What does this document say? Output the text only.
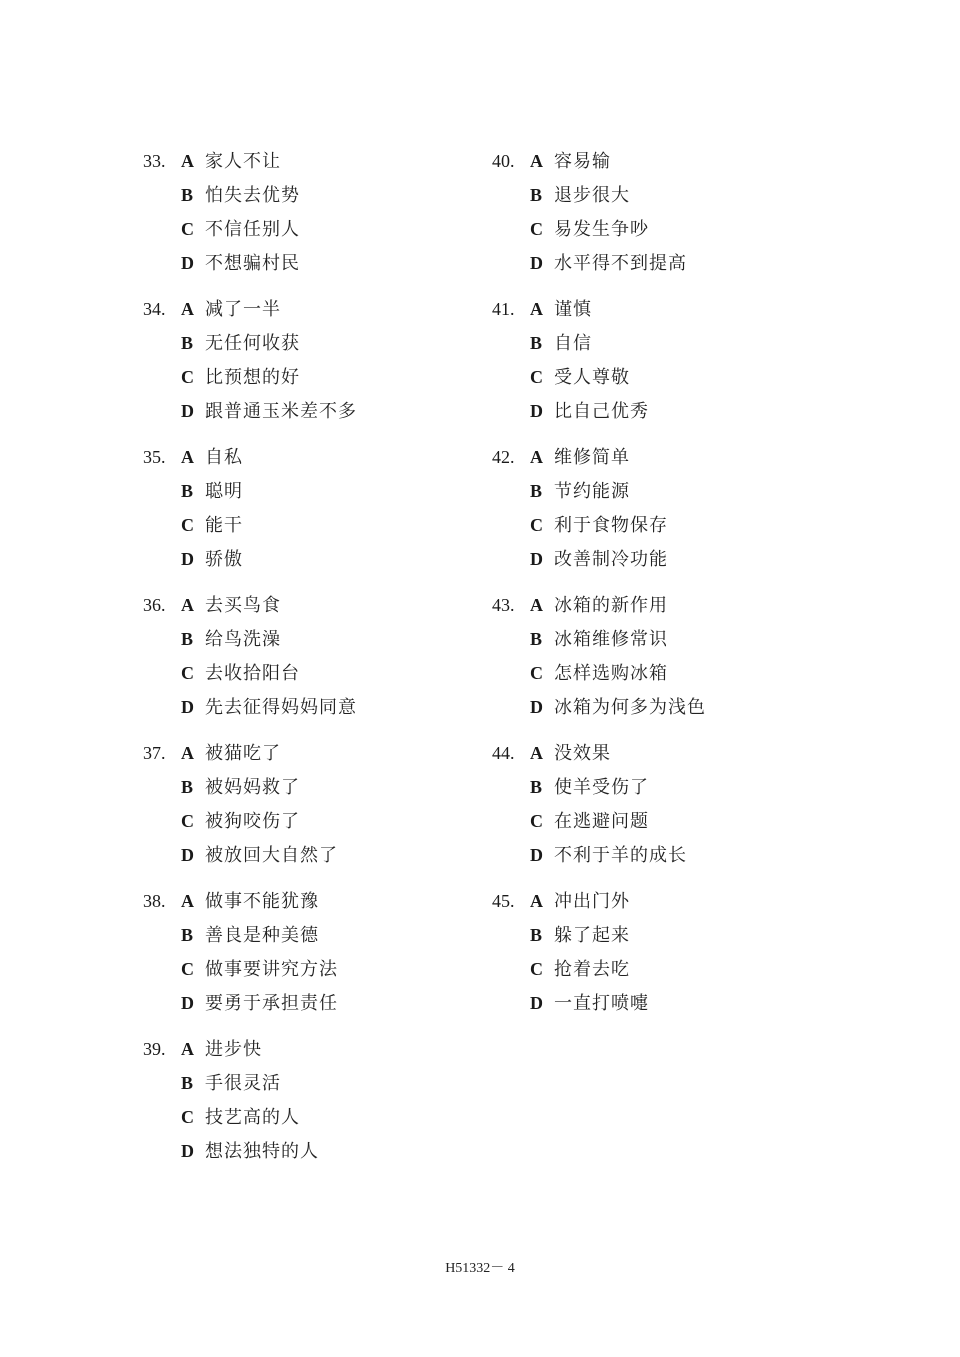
33. A 家人不让
B 怕失去优势
C 不信任别人
D 不想骗村民
34. A 减了一半
B 无任何收获
C 比预想的好
D 跟普通玉米差不多
35. A 自私
B 聪明
C 能干
D 骄傲
36. A 去买鸟食
B 给鸟洗澡
C 去收拾阳台
D 先去征得妈妈同意
37. A 被猫吃了
B 被妈妈救了
C 被狗咬伤了
D 被放回大自然了
38. A 做事不能犹豫
B 善良是种美德
C 做事要讲究方法
D 要勇于承担责任
39. A 进步快
B 手很灵活
C 技艺高的人
D 想法独特的人
40. A 容易输
B 退步很大
C 易发生争吵
D 水平得不到提高
41. A 谨慎
B 自信
C 受人尊敬
D 比自己优秀
42. A 维修简单
B 节约能源
C 利于食物保存
D 改善制冷功能
43. A 冰箱的新作用
B 冰箱维修常识
C 怎样选购冰箱
D 冰箱为何多为浅色
44. A 没效果
B 使羊受伤了
C 在逃避问题
D 不利于羊的成长
45. A 冲出门外
B 躲了起来
C 抢着去吃
D 一直打喷嚏
H51332－ 4
